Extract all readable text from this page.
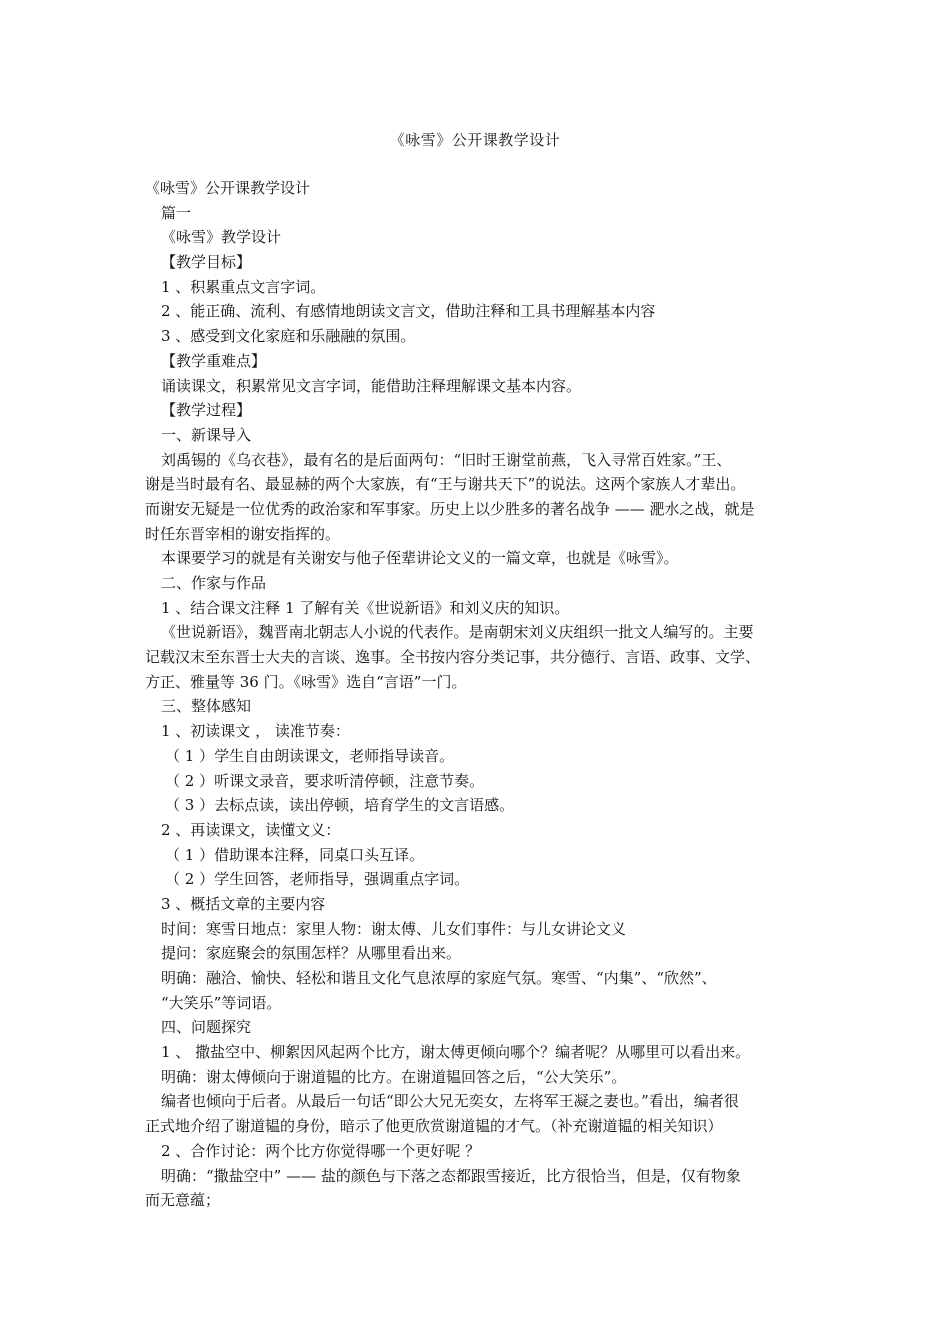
《咏雪》公开课教学设计
《咏雪》公开课教学设计
篇一
《咏雪》教学设计
【教学目标】
1 、积累重点文言字词。
2 、能正确、流利、有感情地朗读文言文，借助注释和工具书理解基本内容
3 、感受到文化家庭和乐融融的氛围。
【教学重难点】
诵读课文，积累常见文言字词，能借助注释理解课文基本内容。
【教学过程】
一、新课导入
刘禹锡的《乌衣巷》，最有名的是后面两句：“旧时王谢堂前燕，飞入寻常百姓家。”王、
谢是当时最有名、最显赫的两个大家族，有“王与谢共天下”的说法。这两个家族人才辈出。
而谢安无疑是一位优秀的政治家和军事家。历史上以少胜多的著名战争 —— 淝水之战，就是
时任东晋宰相的谢安指挥的。
本课要学习的就是有关谢安与他子侄辈讲论文义的一篇文章，也就是《咏雪》。
二、作家与作品
1 、结合课文注释 1 了解有关《世说新语》和刘义庆的知识。
《世说新语》，魏晋南北朝志人小说的代表作。是南朝宋刘义庆组织一批文人编写的。主要
记载汉末至东晋士大夫的言谈、逸事。全书按内容分类记事，共分德行、言语、政事、文学、
方正、雅量等 36 门。《咏雪》选自“言语”一门。
三、整体感知
1 、初读课文 ， 读准节奏：
（ 1 ）学生自由朗读课文，老师指导读音。
（ 2 ）听课文录音，要求听清停顿，注意节奏。
（ 3 ）去标点读，读出停顿，培育学生的文言语感。
2 、再读课文，读懂文义：
（ 1 ）借助课本注释，同桌口头互译。
（ 2 ）学生回答，老师指导，强调重点字词。
3 、概括文章的主要内容
时间：寒雪日地点：家里人物：谢太傅、儿女们事件：与儿女讲论文义
提问：家庭聚会的氛围怎样？从哪里看出来。
明确：融洽、愉快、轻松和谐且文化气息浓厚的家庭气氛。寒雪、“内集”、“欣然”、
“大笑乐”等词语。
四、问题探究
1 、 撒盐空中、柳絮因风起两个比方，谢太傅更倾向哪个？编者呢？从哪里可以看出来。
明确：谢太傅倾向于谢道韫的比方。在谢道韫回答之后，“公大笑乐”。
编者也倾向于后者。从最后一句话“即公大兄无奕女，左将军王凝之妻也。”看出，编者很
正式地介绍了谢道韫的身份，暗示了他更欣赏谢道韫的才气。（补充谢道韫的相关知识）
2 、合作讨论：两个比方你觉得哪一个更好呢 ？
明确：“撒盐空中” —— 盐的颜色与下落之态都跟雪接近，比方很恰当，但是，仅有物象
而无意蕴；
